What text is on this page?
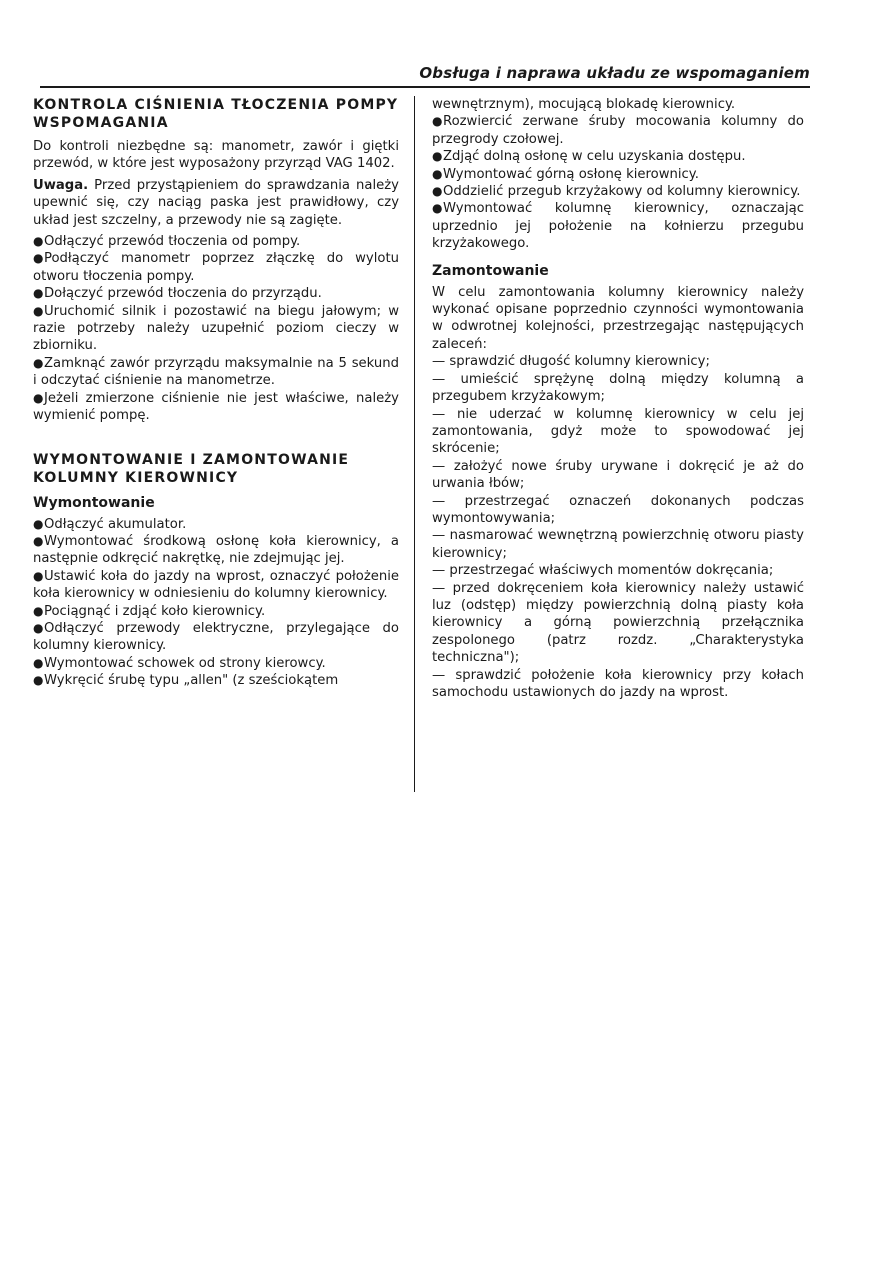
Obsługa i naprawa układu ze wspomaganiem
KONTROLA CIŚNIENIA TŁOCZENIA POMPY WSPOMAGANIA

Do kontroli niezbędne są: manometr, zawór i giętki przewód, w które jest wyposażony przyrząd VAG 1402.

Uwaga. Przed przystąpieniem do sprawdzania należy upewnić się, czy naciąg paska jest prawidłowy, czy układ jest szczelny, a przewody nie są zagięte.

●Odłączyć przewód tłoczenia od pompy.
●Podłączyć manometr poprzez złączkę do wylotu otworu tłoczenia pompy.
●Dołączyć przewód tłoczenia do przyrządu.
●Uruchomić silnik i pozostawić na biegu jałowym; w razie potrzeby należy uzupełnić poziom cieczy w zbiorniku.
●Zamknąć zawór przyrządu maksymalnie na 5 sekund i odczytać ciśnienie na manometrze.
●Jeżeli zmierzone ciśnienie nie jest właściwe, należy wymienić pompę.
WYMONTOWANIE I ZAMONTOWANIE KOLUMNY KIEROWNICY
Wymontowanie
●Odłączyć akumulator.
●Wymontować środkową osłonę koła kierownicy, a następnie odkręcić nakrętkę, nie zdejmując jej.
●Ustawić koła do jazdy na wprost, oznaczyć położenie koła kierownicy w odniesieniu do kolumny kierownicy.
●Pociągnąć i zdjąć koło kierownicy.
●Odłączyć przewody elektryczne, przylegające do kolumny kierownicy.
●Wymontować schowek od strony kierowcy.
●Wykręcić śrubę typu „allen" (z sześciokątem
wewnętrznym), mocującą blokadę kierownicy.
●Rozwiercić zerwane śruby mocowania kolumny do przegrody czołowej.
●Zdjąć dolną osłonę w celu uzyskania dostępu.
●Wymontować górną osłonę kierownicy.
●Oddzielić przegub krzyżakowy od kolumny kierownicy.
●Wymontować kolumnę kierownicy, oznaczając uprzednio jej położenie na kołnierzu przegubu krzyżakowego.
Zamontowanie

W celu zamontowania kolumny kierownicy należy wykonać opisane poprzednio czynności wymontowania w odwrotnej kolejności, przestrzegając następujących zaleceń:

— sprawdzić długość kolumny kierownicy;
— umieścić sprężynę dolną między kolumną a przegubem krzyżakowym;
— nie uderzać w kolumnę kierownicy w celu jej zamontowania, gdyż może to spowodować jej skrócenie;
— założyć nowe śruby urywane i dokręcić je aż do urwania łbów;
— przestrzegać oznaczeń dokonanych podczas wymontowywania;
— nasmarować wewnętrzną powierzchnię otworu piasty kierownicy;
— przestrzegać właściwych momentów dokręcania;
— przed dokręceniem koła kierownicy należy ustawić luz (odstęp) między powierzchnią dolną piasty koła kierownicy a górną powierzchnią przełącznika zespolonego (patrz rozdz. „Charakterystyka techniczna");
— sprawdzić położenie koła kierownicy przy kołach samochodu ustawionych do jazdy na wprost.
